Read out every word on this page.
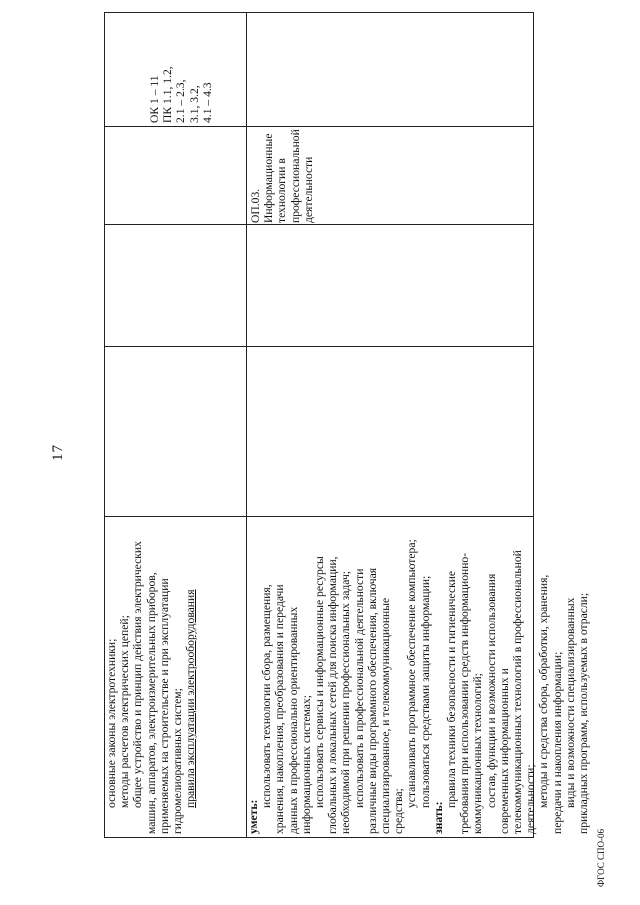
17
ФГОС СПО-06
основные законы электротехники; методы расчетов электрических цепей; общее устройство и принцип действия электрических машин, аппаратов, электроизмерительных приборов, применяемых на строительстве и при эксплуатации гидромелиоративных систем; правила эксплуатации электрооборудования
ОК 1 – 11 ПК 1.1, 1.2, 2.1 – 2.3, 3.1, 3.2, 4.1 – 4.3
уметь:
использовать технологии сбора, размещения, хранения, накопления, преобразования и передачи данных в профессионально ориентированных информационных системах; использовать сервисы и информационные ресурсы глобальных и локальных сетей для поиска информации, необходимой при решении профессиональных задач; использовать в профессиональной деятельности различные виды программного обеспечения, включая специализированное, и телекоммуникационные средства;
устанавливать программное обеспечение компьютера; пользоваться средствами защиты информации;
знать:
правила техники безопасности и гигиенические требования при использовании средств информационно- коммуникационных технологий; состав, функции и возможности использования современных информационных и телекоммуникационных технологий в профессиональной деятельности; методы и средства сбора, обработки, хранения, передачи и накопления информации; виды и возможности специализированных прикладных программ, используемых в отрасли;
ОП.03. Информационные технологии в профессиональной деятельности
